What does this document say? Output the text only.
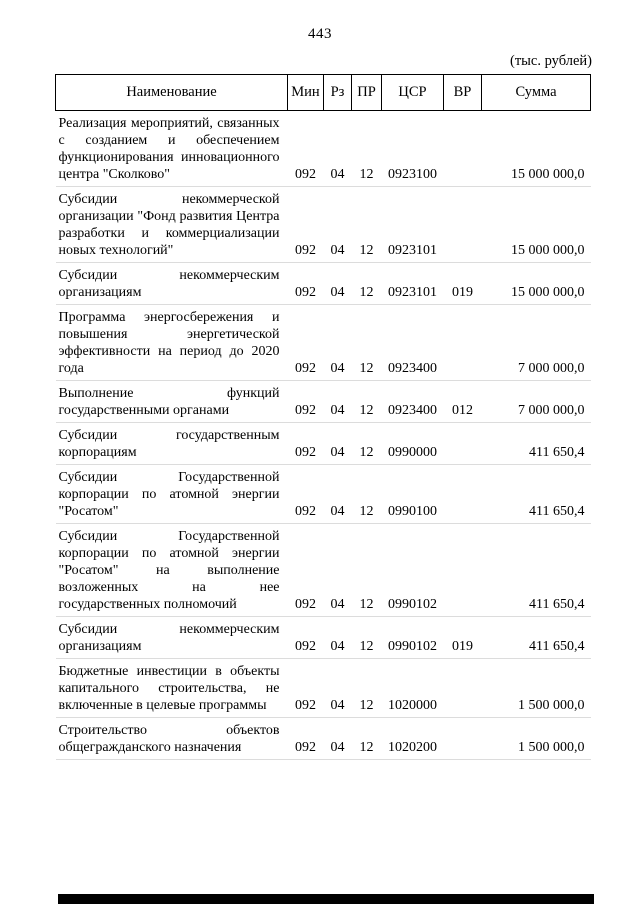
443
(тыс. рублей)
Наименование	Мин	Рз	ПР	ЦСР	ВР	Сумма
Реализация мероприятий, связанных с созданием и обеспечением функционирования инновационного центра "Сколково"	092	04	12	0923100		15 000 000,0
Субсидии некоммерческой организации "Фонд развития Центра разработки и коммерциализации новых технологий"	092	04	12	0923101		15 000 000,0
Субсидии некоммерческим организациям	092	04	12	0923101	019	15 000 000,0
Программа энергосбережения и повышения энергетической эффективности на период до 2020 года	092	04	12	0923400		7 000 000,0
Выполнение функций государственными органами	092	04	12	0923400	012	7 000 000,0
Субсидии государственным корпорациям	092	04	12	0990000		411 650,4
Субсидии Государственной корпорации по атомной энергии "Росатом"	092	04	12	0990100		411 650,4
Субсидии Государственной корпорации по атомной энергии "Росатом" на выполнение возложенных на нее государственных полномочий	092	04	12	0990102		411 650,4
Субсидии некоммерческим организациям	092	04	12	0990102	019	411 650,4
Бюджетные инвестиции в объекты капитального строительства, не включенные в целевые программы	092	04	12	1020000		1 500 000,0
Строительство объектов общегражданского назначения	092	04	12	1020200		1 500 000,0
